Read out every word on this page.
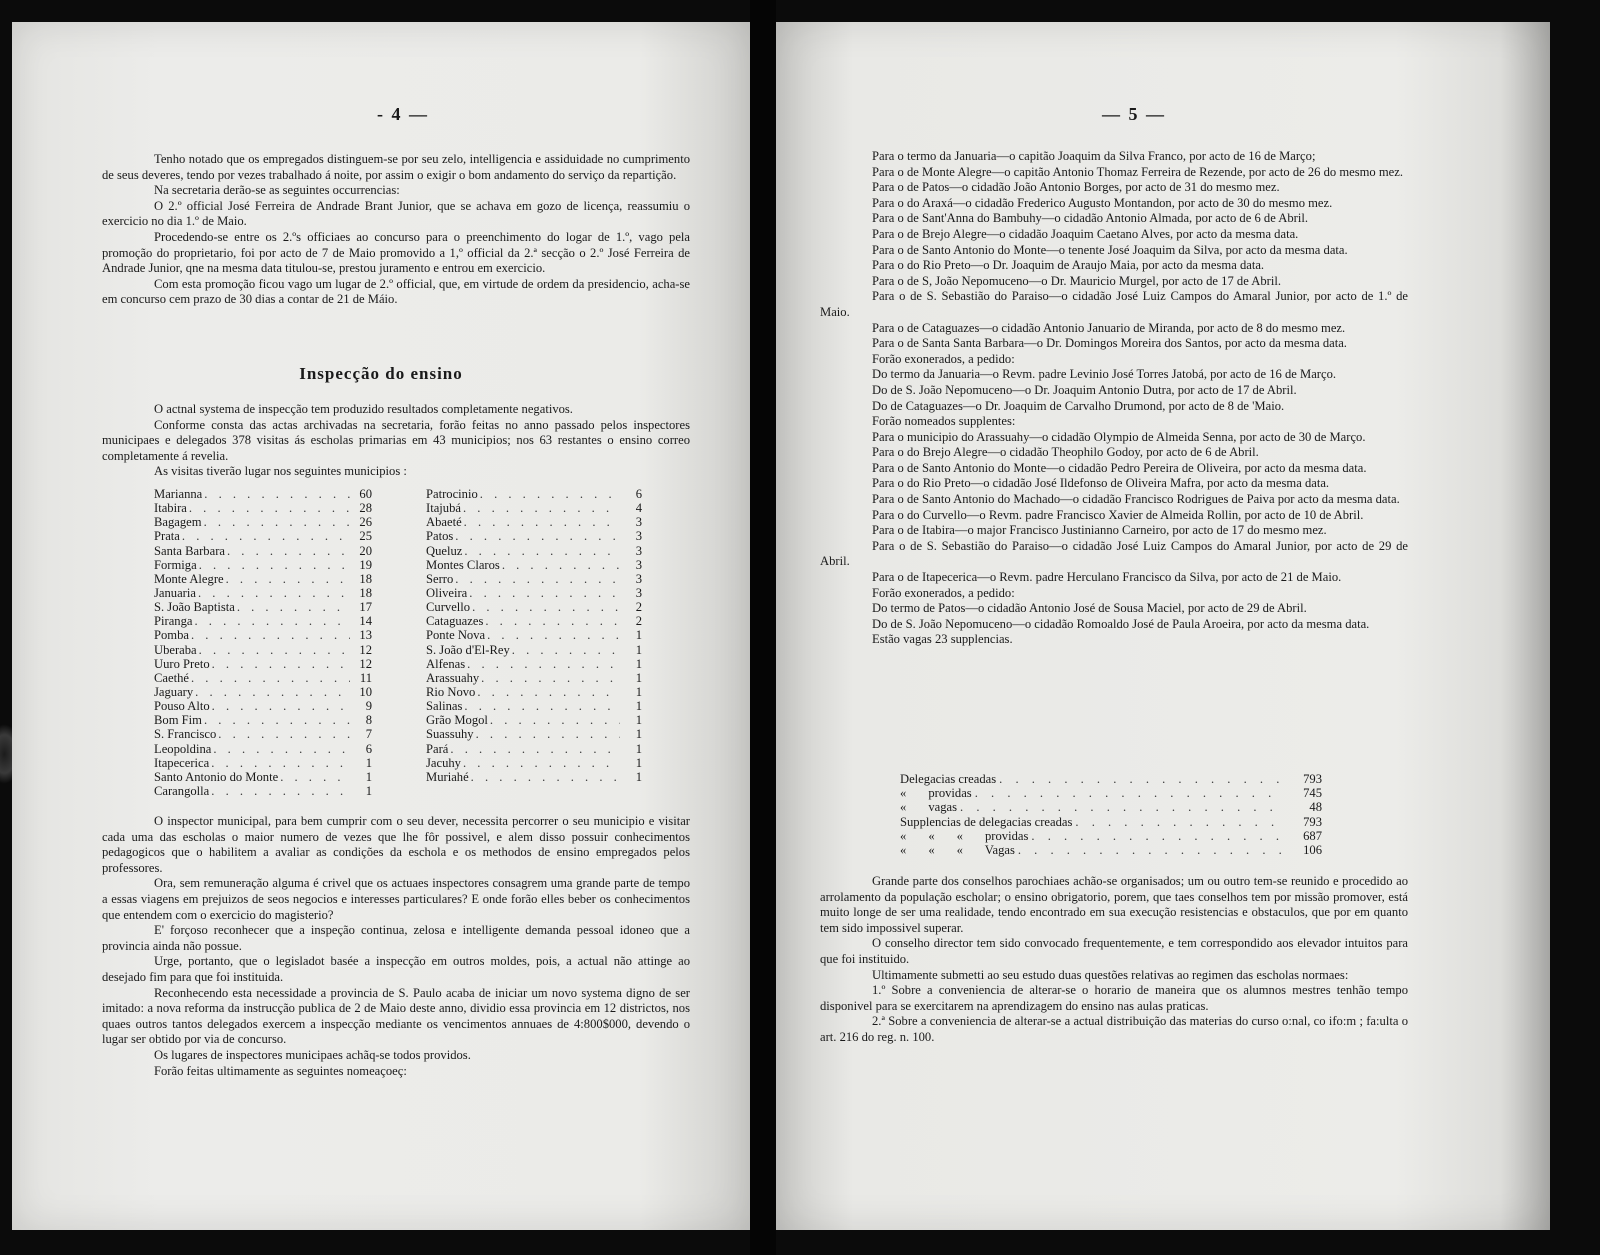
- 4 —

Tenho notado que os empregados distinguem-se por seu zelo, intelligencia e assiduidade no cumprimento de seus deveres, tendo por vezes trabalhado á noite, por assim o exigir o bom andamento do serviço da repartição.

Na secretaria derão-se as seguintes occurrencias:

O 2.º official José Ferreira de Andrade Brant Junior, que se achava em gozo de licença, reassumiu o exercicio no dia 1.º de Maio.

Procedendo-se entre os 2.ºs officiaes ao concurso para o preenchimento do logar de 1.º, vago pela promoção do proprietario, foi por acto de 7 de Maio promovido a 1,º official da 2.ª secção o 2.º José Ferreira de Andrade Junior, qne na mesma data titulou-se, prestou juramento e entrou em exercicio.

Com esta promoção ficou vago um lugar de 2.º official, que, em virtude de ordem da presidencio, acha-se em concurso cem prazo de 30 dias a contar de 21 de Máio.

Inspecção do ensino

O actnal systema de inspecção tem produzido resultados completamente negativos.

Conforme consta das actas archivadas na secretaria, forão feitas no anno passado pelos inspectores municipaes e delegados 378 visitas ás escholas primarias em 43 municipios; nos 63 restantes o ensino correo completamente á revelia.

As visitas tiverão lugar nos seguintes municipios :

Marianna . . .	60
Itabira . . .	28
Bagagem . . .	26
Prata . . .	25
Santa Barbara . . .	20
Formiga . . .	19
Monte Alegre . . .	18
Januaria . . .	18
S. João Baptista . . .	17
Piranga . . .	14
Pomba . . .	13
Uberaba . . .	12
Uuro Preto . . .	12
Caethé . . .	11
Jaguary . . .	10
Pouso Alto . . .	9
Bom Fim . . .	8
S. Francisco . . .	7
Leopoldina . . .	6
Itapecerica . . .	1
Santo Antonio do Monte . . .	1
Carangolla . . .	1
Patrocinio . . .	6
Itajubá . . .	4
Abaeté . . .	3
Patos . . .	3
Queluz . . .	3
Montes Claros . . .	3
Serro . . .	3
Oliveira . . .	3
Curvello . . .	2
Cataguazes . . .	2
Ponte Nova . . .	1
S. João d'El-Rey . . .	1
Alfenas . . .	1
Arassuahy . . .	1
Rio Novo . . .	1
Salinas . . .	1
Grão Mogol . . .	1
Suassuhy . . .	1
Pará . . .	1
Jacuhy . . .	1
Muriahé . . .	1

O inspector municipal, para bem cumprir com o seu dever, necessita percorrer o seu municipio e visitar cada uma das escholas o maior numero de vezes que lhe fôr possivel, e alem disso possuir conhecimentos pedagogicos que o habilitem a avaliar as condições da eschola e os methodos de ensino empregados pelos professores.

Ora, sem remuneração alguma é crivel que os actuaes inspectores consagrem uma grande parte de tempo a essas viagens em prejuizos de seos negocios e interesses particulares? E onde forão elles beber os conhecimentos que entendem com o exercicio do magisterio?

E' forçoso reconhecer que a inspeção continua, zelosa e intelligente demanda pessoal idoneo que a provincia ainda não possue.

Urge, portanto, que o legisladot basée a inspecção em outros moldes, pois, a actual não attinge ao desejado fim para que foi instituida.

Reconhecendo esta necessidade a provincia de S. Paulo acaba de iniciar um novo systema digno de ser imitado: a nova reforma da instrucção publica de 2 de Maio deste anno, dividio essa provincia em 12 districtos, nos quaes outros tantos delegados exercem a inspecção mediante os vencimentos annuaes de 4:800$000, devendo o lugar ser obtido por via de concurso.

Os lugares de inspectores municipaes achãq-se todos providos.

Forão feitas ultimamente as seguintes nomeaçoeç:

— 5 —

Para o termo da Januaria—o capitão Joaquim da Silva Franco, por acto de 16 de Março;

Para o de Monte Alegre—o capitão Antonio Thomaz Ferreira de Rezende, por acto de 26 do mesmo mez.

Para o de Patos—o cidadão João Antonio Borges, por acto de 31 do mesmo mez.

Para o do Araxá—o cidadão Frederico Augusto Montandon, por acto de 30 do mesmo mez.

Para o de Sant'Anna do Bambuhy—o cidadão Antonio Almada, por acto de 6 de Abril.

Para o de Brejo Alegre—o cidadão Joaquim Caetano Alves, por acto da mesma data.

Para o de Santo Antonio do Monte—o tenente José Joaquim da Silva, por acto da mesma data.

Para o do Rio Preto—o Dr. Joaquim de Araujo Maia, por acto da mesma data.

Para o de S, João Nepomuceno—o Dr. Mauricio Murgel, por acto de 17 de Abril.

Para o de S. Sebastião do Paraiso—o cidadão José Luiz Campos do Amaral Junior, por acto de 1.º de Maio.

Para o de Cataguazes—o cidadão Antonio Januario de Miranda, por acto de 8 do mesmo mez.

Para o de Santa Santa Barbara—o Dr. Domingos Moreira dos Santos, por acto da mesma data.

Forão exonerados, a pedido:

Do termo da Januaria—o Revm. padre Levinio José Torres Jatobá, por acto de 16 de Março.

Do de S. João Nepomuceno—o Dr. Joaquim Antonio Dutra, por acto de 17 de Abril.

Do de Cataguazes—o Dr. Joaquim de Carvalho Drumond, por acto de 8 de 'Maio.

Forão nomeados supplentes:

Para o municipio do Arassuahy—o cidadão Olympio de Almeida Senna, por acto de 30 de Março.

Para o do Brejo Alegre—o cidadão Theophilo Godoy, por acto de 6 de Abril.

Para o de Santo Antonio do Monte—o cidadão Pedro Pereira de Oliveira, por acto da mesma data.

Para o do Rio Preto—o cidadão José Ildefonso de Oliveira Mafra, por acto da mesma data.

Para o de Santo Antonio do Machado—o cidadão Francisco Rodrigues de Paiva por acto da mesma data.

Para o do Curvello—o Revm. padre Francisco Xavier de Almeida Rollin, por acto de 10 de Abril.

Para o de Itabira—o major Francisco Justinianno Carneiro, por acto de 17 do mesmo mez.

Para o de S. Sebastião do Paraiso—o cidadão José Luiz Campos do Amaral Junior, por acto de 29 de Abril.

Para o de Itapecerica—o Revm. padre Herculano Francisco da Silva, por acto de 21 de Maio.

Forão exonerados, a pedido:

Do termo de Patos—o cidadão Antonio José de Sousa Maciel, por acto de 29 de Abril.

Do de S. João Nepomuceno—o cidadão Romoaldo José de Paula Aroeira, por acto da mesma data.

Estão vagas 23 supplencias.

Delegacias creadas . . .	793
«       providas . . .	745
«       vagas . . .	48
Supplencias de delegacias creadas . . .	793
«       «       «       providas . . .	687
«       «       «       Vagas . . .	106

Grande parte dos conselhos parochiaes achão-se organisados; um ou outro tem-se reunido e procedido ao arrolamento da população escholar; o ensino obrigatorio, porem, que taes conselhos tem por missão promover, está muito longe de ser uma realidade, tendo encontrado em sua execução resistencias e obstaculos, que por em quanto tem sido impossivel superar.

O conselho director tem sido convocado frequentemente, e tem correspondido aos elevador intuitos para que foi instituido.

Ultimamente submetti ao seu estudo duas questões relativas ao regimen das escholas normaes:

1.º Sobre a conveniencia de alterar-se o horario de maneira que os alumnos mestres tenhão tempo disponivel para se exercitarem na aprendizagem do ensino nas aulas praticas.

2.ª Sobre a conveniencia de alterar-se a actual distribuição das materias do curso o:nal, co ifo:m ; fa:ulta o art. 216 do reg. n. 100.
